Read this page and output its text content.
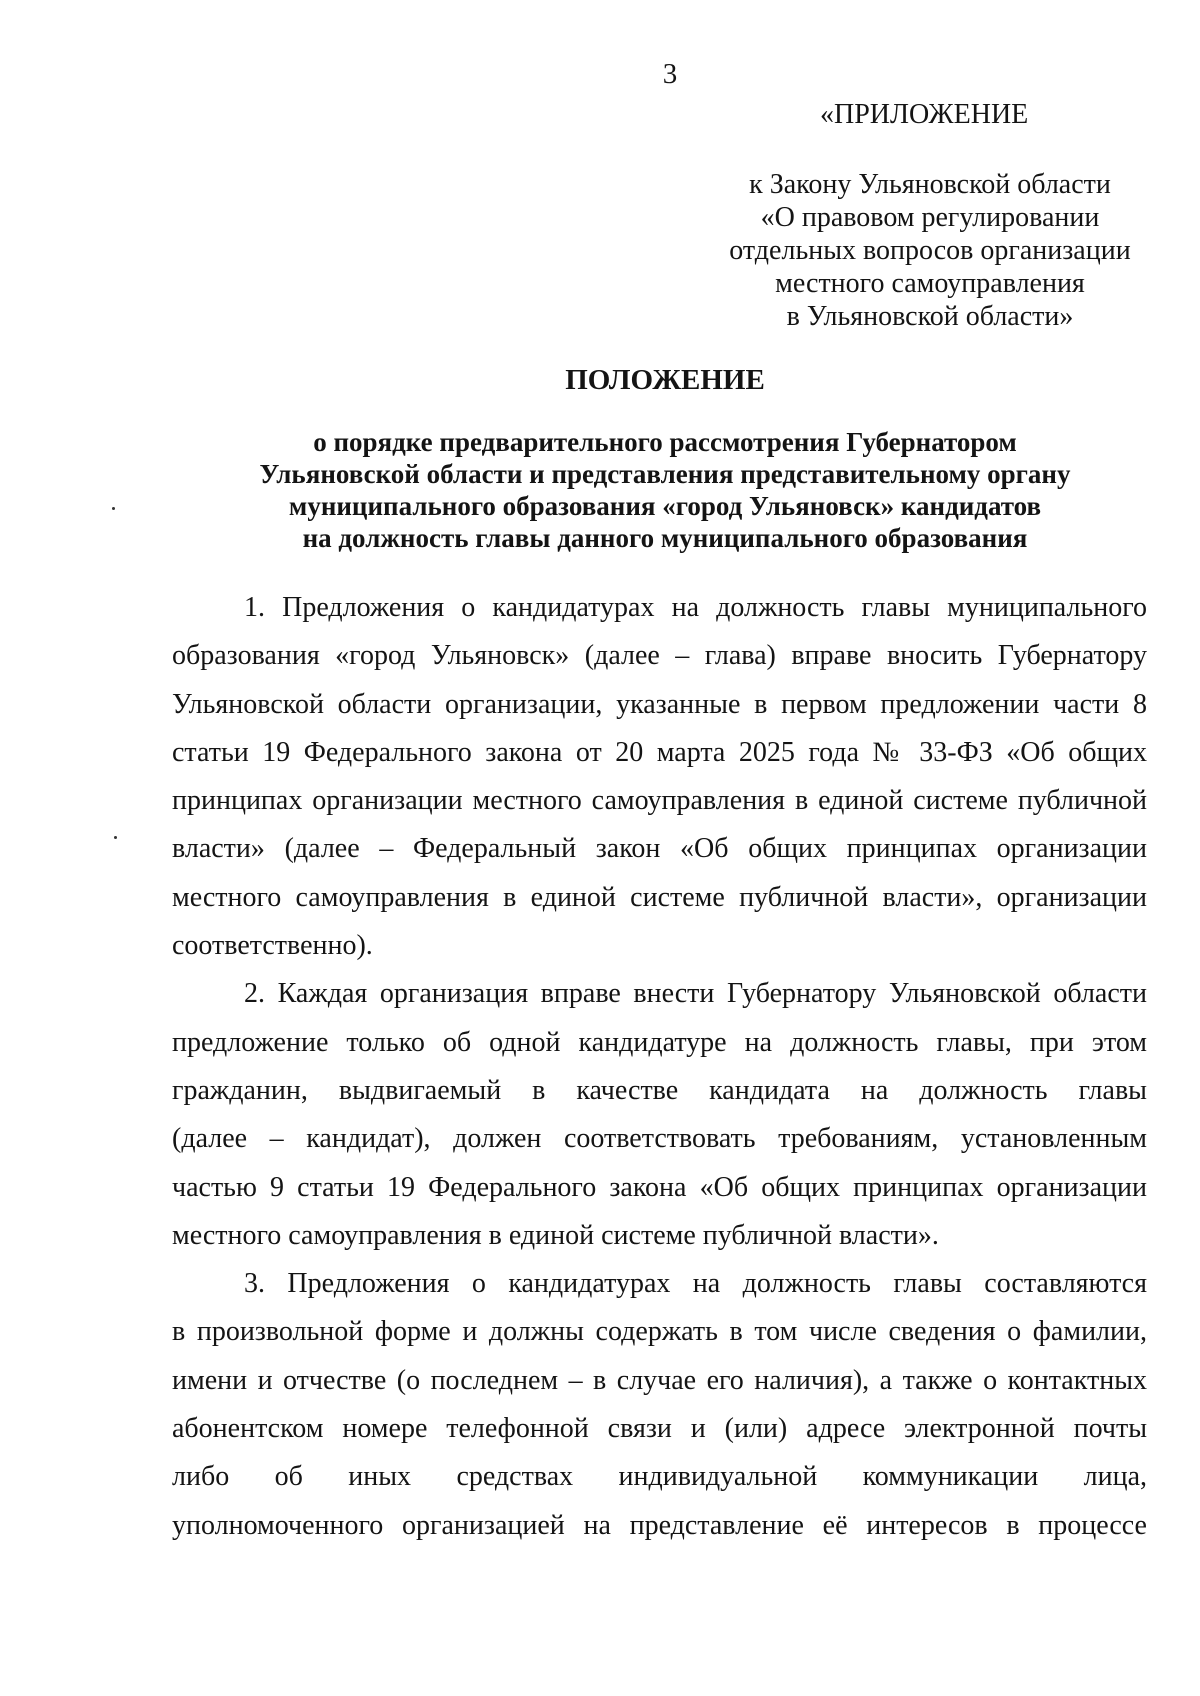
3
«ПРИЛОЖЕНИЕ
к Закону Ульяновской области
«О правовом регулировании
отдельных вопросов организации
местного самоуправления
в Ульяновской области»
ПОЛОЖЕНИЕ
о порядке предварительного рассмотрения Губернатором
Ульяновской области и представления представительному органу
муниципального образования «город Ульяновск» кандидатов
на должность главы данного муниципального образования
1. Предложения о кандидатурах на должность главы муниципального
образования «город Ульяновск» (далее – глава) вправе вносить Губернатору
Ульяновской области организации, указанные в первом предложении части 8
статьи 19 Федерального закона от 20 марта 2025 года № 33-ФЗ «Об общих
принципах организации местного самоуправления в единой системе публичной
власти» (далее – Федеральный закон «Об общих принципах организации
местного самоуправления в единой системе публичной власти», организации
соответственно).
2. Каждая организация вправе внести Губернатору Ульяновской области
предложение только об одной кандидатуре на должность главы, при этом
гражданин, выдвигаемый в качестве кандидата на должность главы
(далее – кандидат), должен соответствовать требованиям, установленным
частью 9 статьи 19 Федерального закона «Об общих принципах организации
местного самоуправления в единой системе публичной власти».
3. Предложения о кандидатурах на должность главы составляются
в произвольной форме и должны содержать в том числе сведения о фамилии,
имени и отчестве (о последнем – в случае его наличия), а также о контактных
абонентском номере телефонной связи и (или) адресе электронной почты
либо об иных средствах индивидуальной коммуникации лица,
уполномоченного организацией на представление её интересов в процессе
